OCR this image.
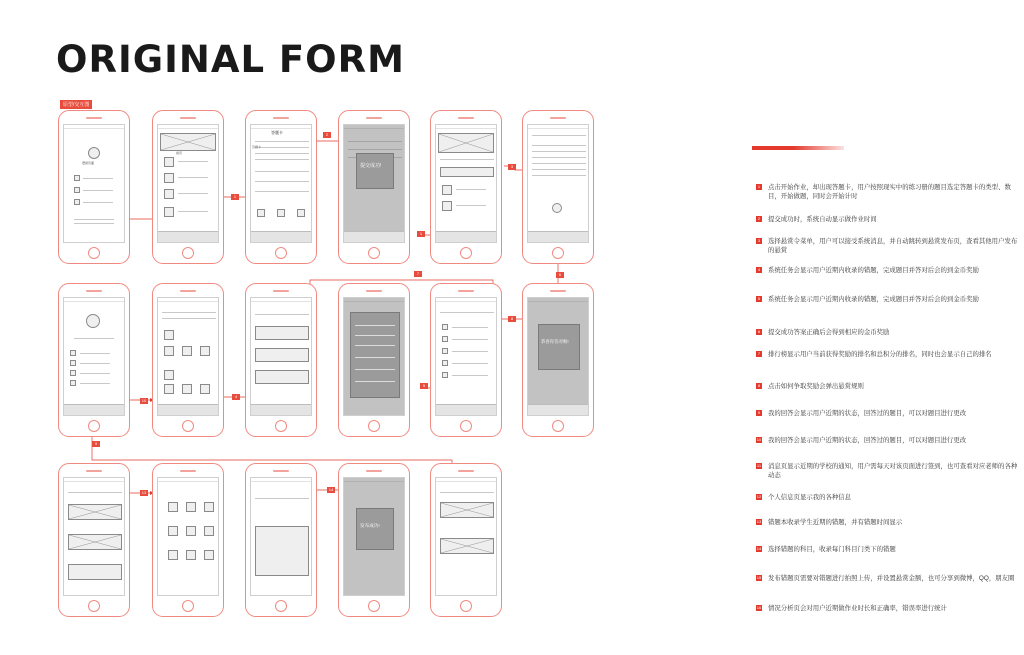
ORIGINAL FORM
原型/交互图
1
2
3
1
6
7
8
5
4
10
9
13
14
登录页面
首页
答题卡
提交成功!
恭喜你答对啦!
发布成功!
1 点击开始作业，却出现答题卡，用户按照现实中的练习册的题目选定答题卡的类型、数目，开始做题，同时会开始计时
2 提交成功时，系统自动显示做作业时间
3 选择悬赏令菜单，用户可以接受系统消息，并自动跳转到悬赏发布页，查看其他用户发布的悬赏
4 系统任务会显示用户近期内收录的错题，完成题目并答对后会的到金币奖励
5 系统任务会显示用户近期内收录的错题，完成题目并答对后会的到金币奖励
6 提交成功答案正确后会得到相应的金币奖励
7 排行榜显示用户当前获得奖励的排名和总积分的排名，同时也会显示自己的排名
8 点击如何争取奖励会弹出悬赏规则
9 我的回答会显示用户近期的状态，回答过的题目，可以对题目进行更改
10 我的回答会显示用户近期的状态，回答过的题目，可以对题目进行更改
11 消息页显示近期的学校的通知，用户需每天对该页面进行签到，也可查看对应老师的各种动态
12 个人信息页显示我的各种信息
13 错题本收录学生近期的错题，并有错题时间显示
14 选择错题的科目，收录每门科目门类下的错题
15 发布错题页需要对错题进行拍照上传，并设置悬赏金额，也可分享到微博，QQ，朋友圈
16 情况分析页会对用户近期做作业时长和正确率，错误率进行统计
答题卡
